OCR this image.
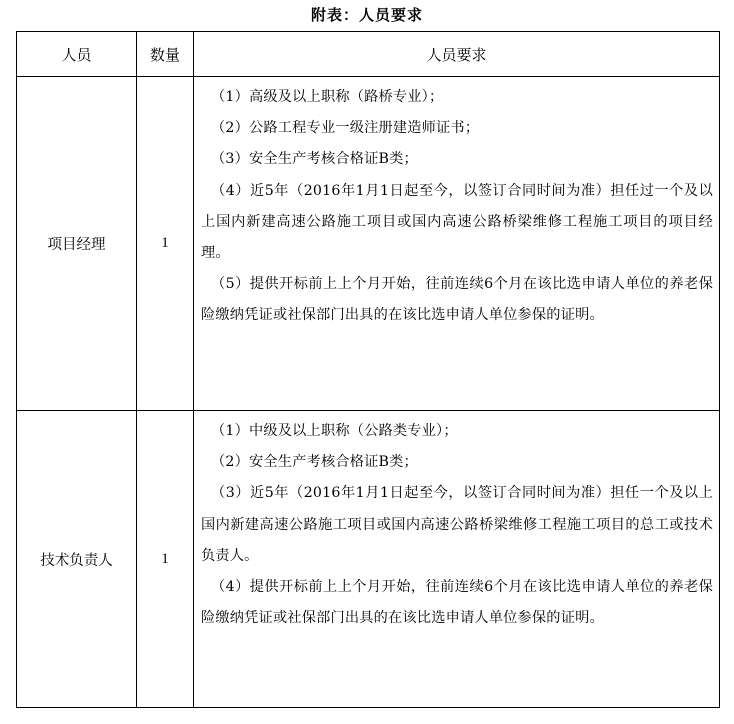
附表：人员要求
人员	数量	人员要求
项目经理	1	（1）高级及以上职称（路桥专业）；

（2）公路工程专业一级注册建造师证书；

（3）安全生产考核合格证B类；

（4）近5年（2016年1月1日起至今，以签订合同时间为准）担任过一个及以上国内新建高速公路施工项目或国内高速公路桥梁维修工程施工项目的项目经理。

（5）提供开标前上上个月开始，往前连续6个月在该比选申请人单位的养老保险缴纳凭证或社保部门出具的在该比选申请人单位参保的证明。

技术负责人	1	（1）中级及以上职称（公路类专业）；

（2）安全生产考核合格证B类；

（3）近5年（2016年1月1日起至今，以签订合同时间为准）担任一个及以上国内新建高速公路施工项目或国内高速公路桥梁维修工程施工项目的总工或技术负责人。

（4）提供开标前上上个月开始，往前连续6个月在该比选申请人单位的养老保险缴纳凭证或社保部门出具的在该比选申请人单位参保的证明。
